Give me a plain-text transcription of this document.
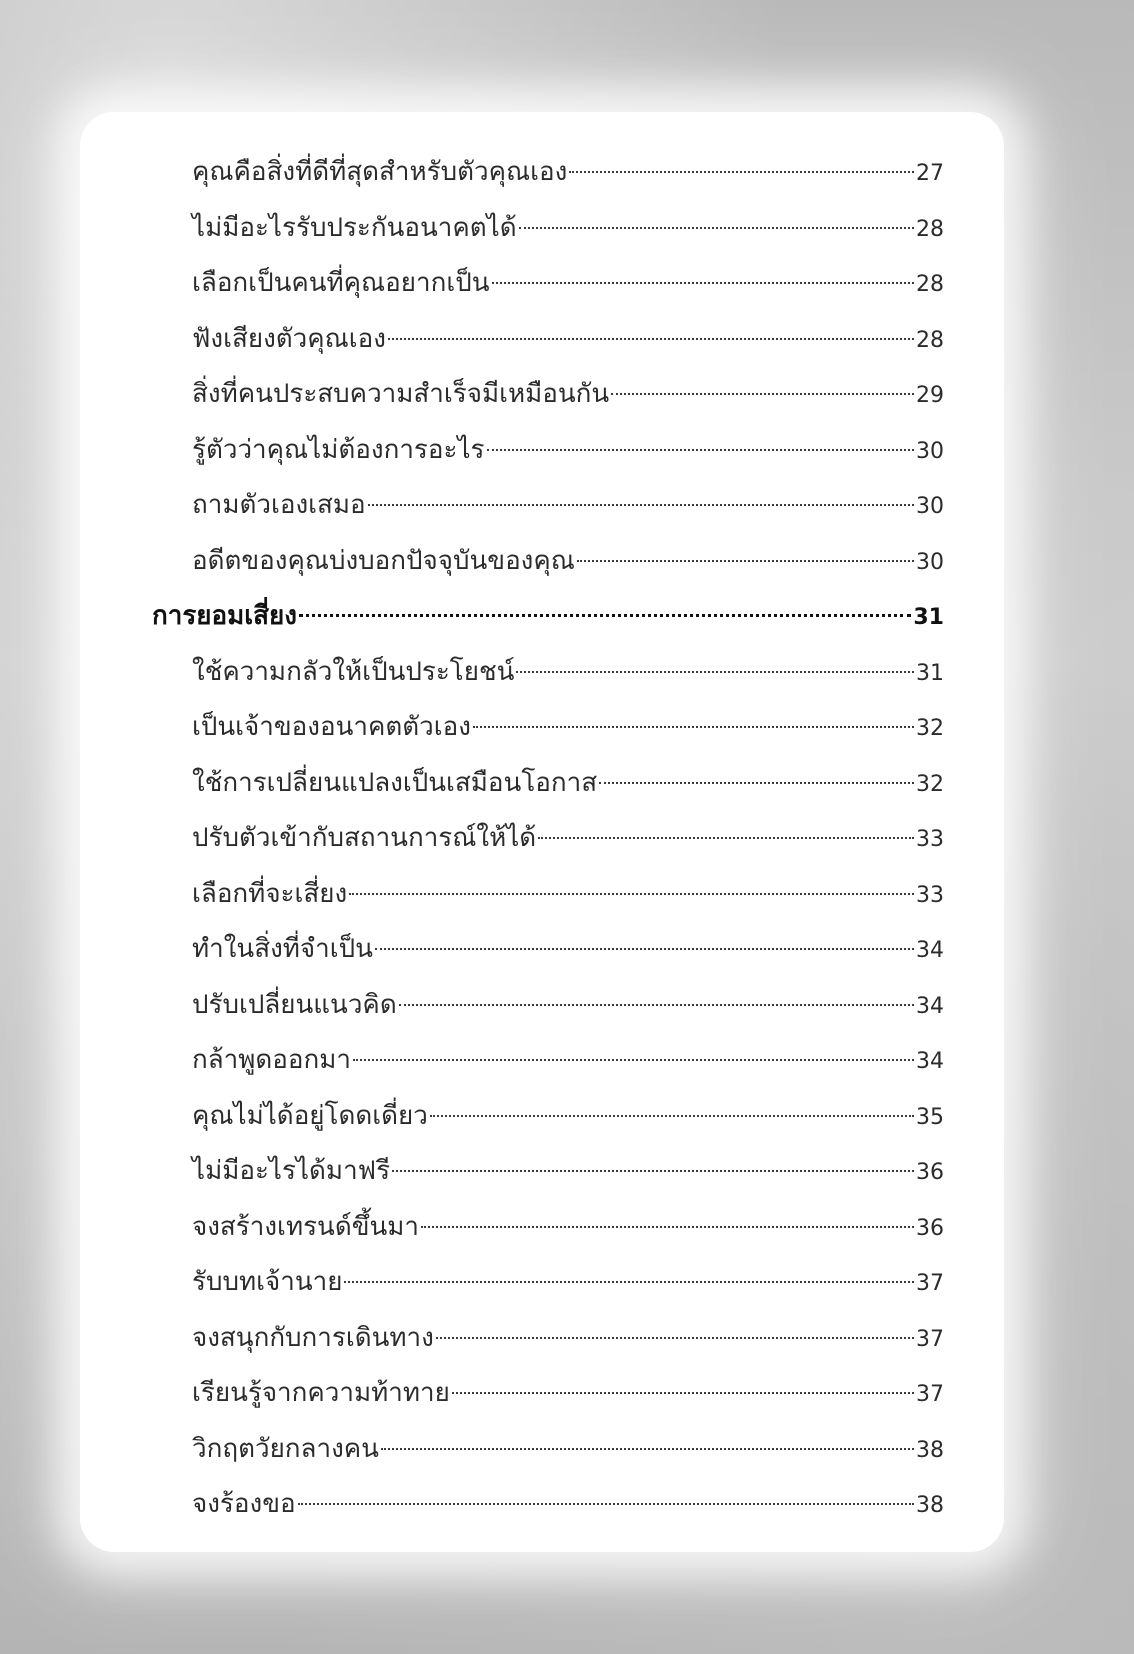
คุณคือสิ่งที่ดีที่สุดสำหรับตัวคุณเอง	27
ไม่มีอะไรรับประกันอนาคตได้	28
เลือกเป็นคนที่คุณอยากเป็น	28
ฟังเสียงตัวคุณเอง	28
สิ่งที่คนประสบความสำเร็จมีเหมือนกัน	29
รู้ตัวว่าคุณไม่ต้องการอะไร	30
ถามตัวเองเสมอ	30
อดีตของคุณบ่งบอกปัจจุบันของคุณ	30
การยอมเสี่ยง	31
ใช้ความกลัวให้เป็นประโยชน์	31
เป็นเจ้าของอนาคตตัวเอง	32
ใช้การเปลี่ยนแปลงเป็นเสมือนโอกาส	32
ปรับตัวเข้ากับสถานการณ์ให้ได้	33
เลือกที่จะเสี่ยง	33
ทำในสิ่งที่จำเป็น	34
ปรับเปลี่ยนแนวคิด	34
กล้าพูดออกมา	34
คุณไม่ได้อยู่โดดเดี่ยว	35
ไม่มีอะไรได้มาฟรี	36
จงสร้างเทรนด์ขึ้นมา	36
รับบทเจ้านาย	37
จงสนุกกับการเดินทาง	37
เรียนรู้จากความท้าทาย	37
วิกฤตวัยกลางคน	38
จงร้องขอ	38
